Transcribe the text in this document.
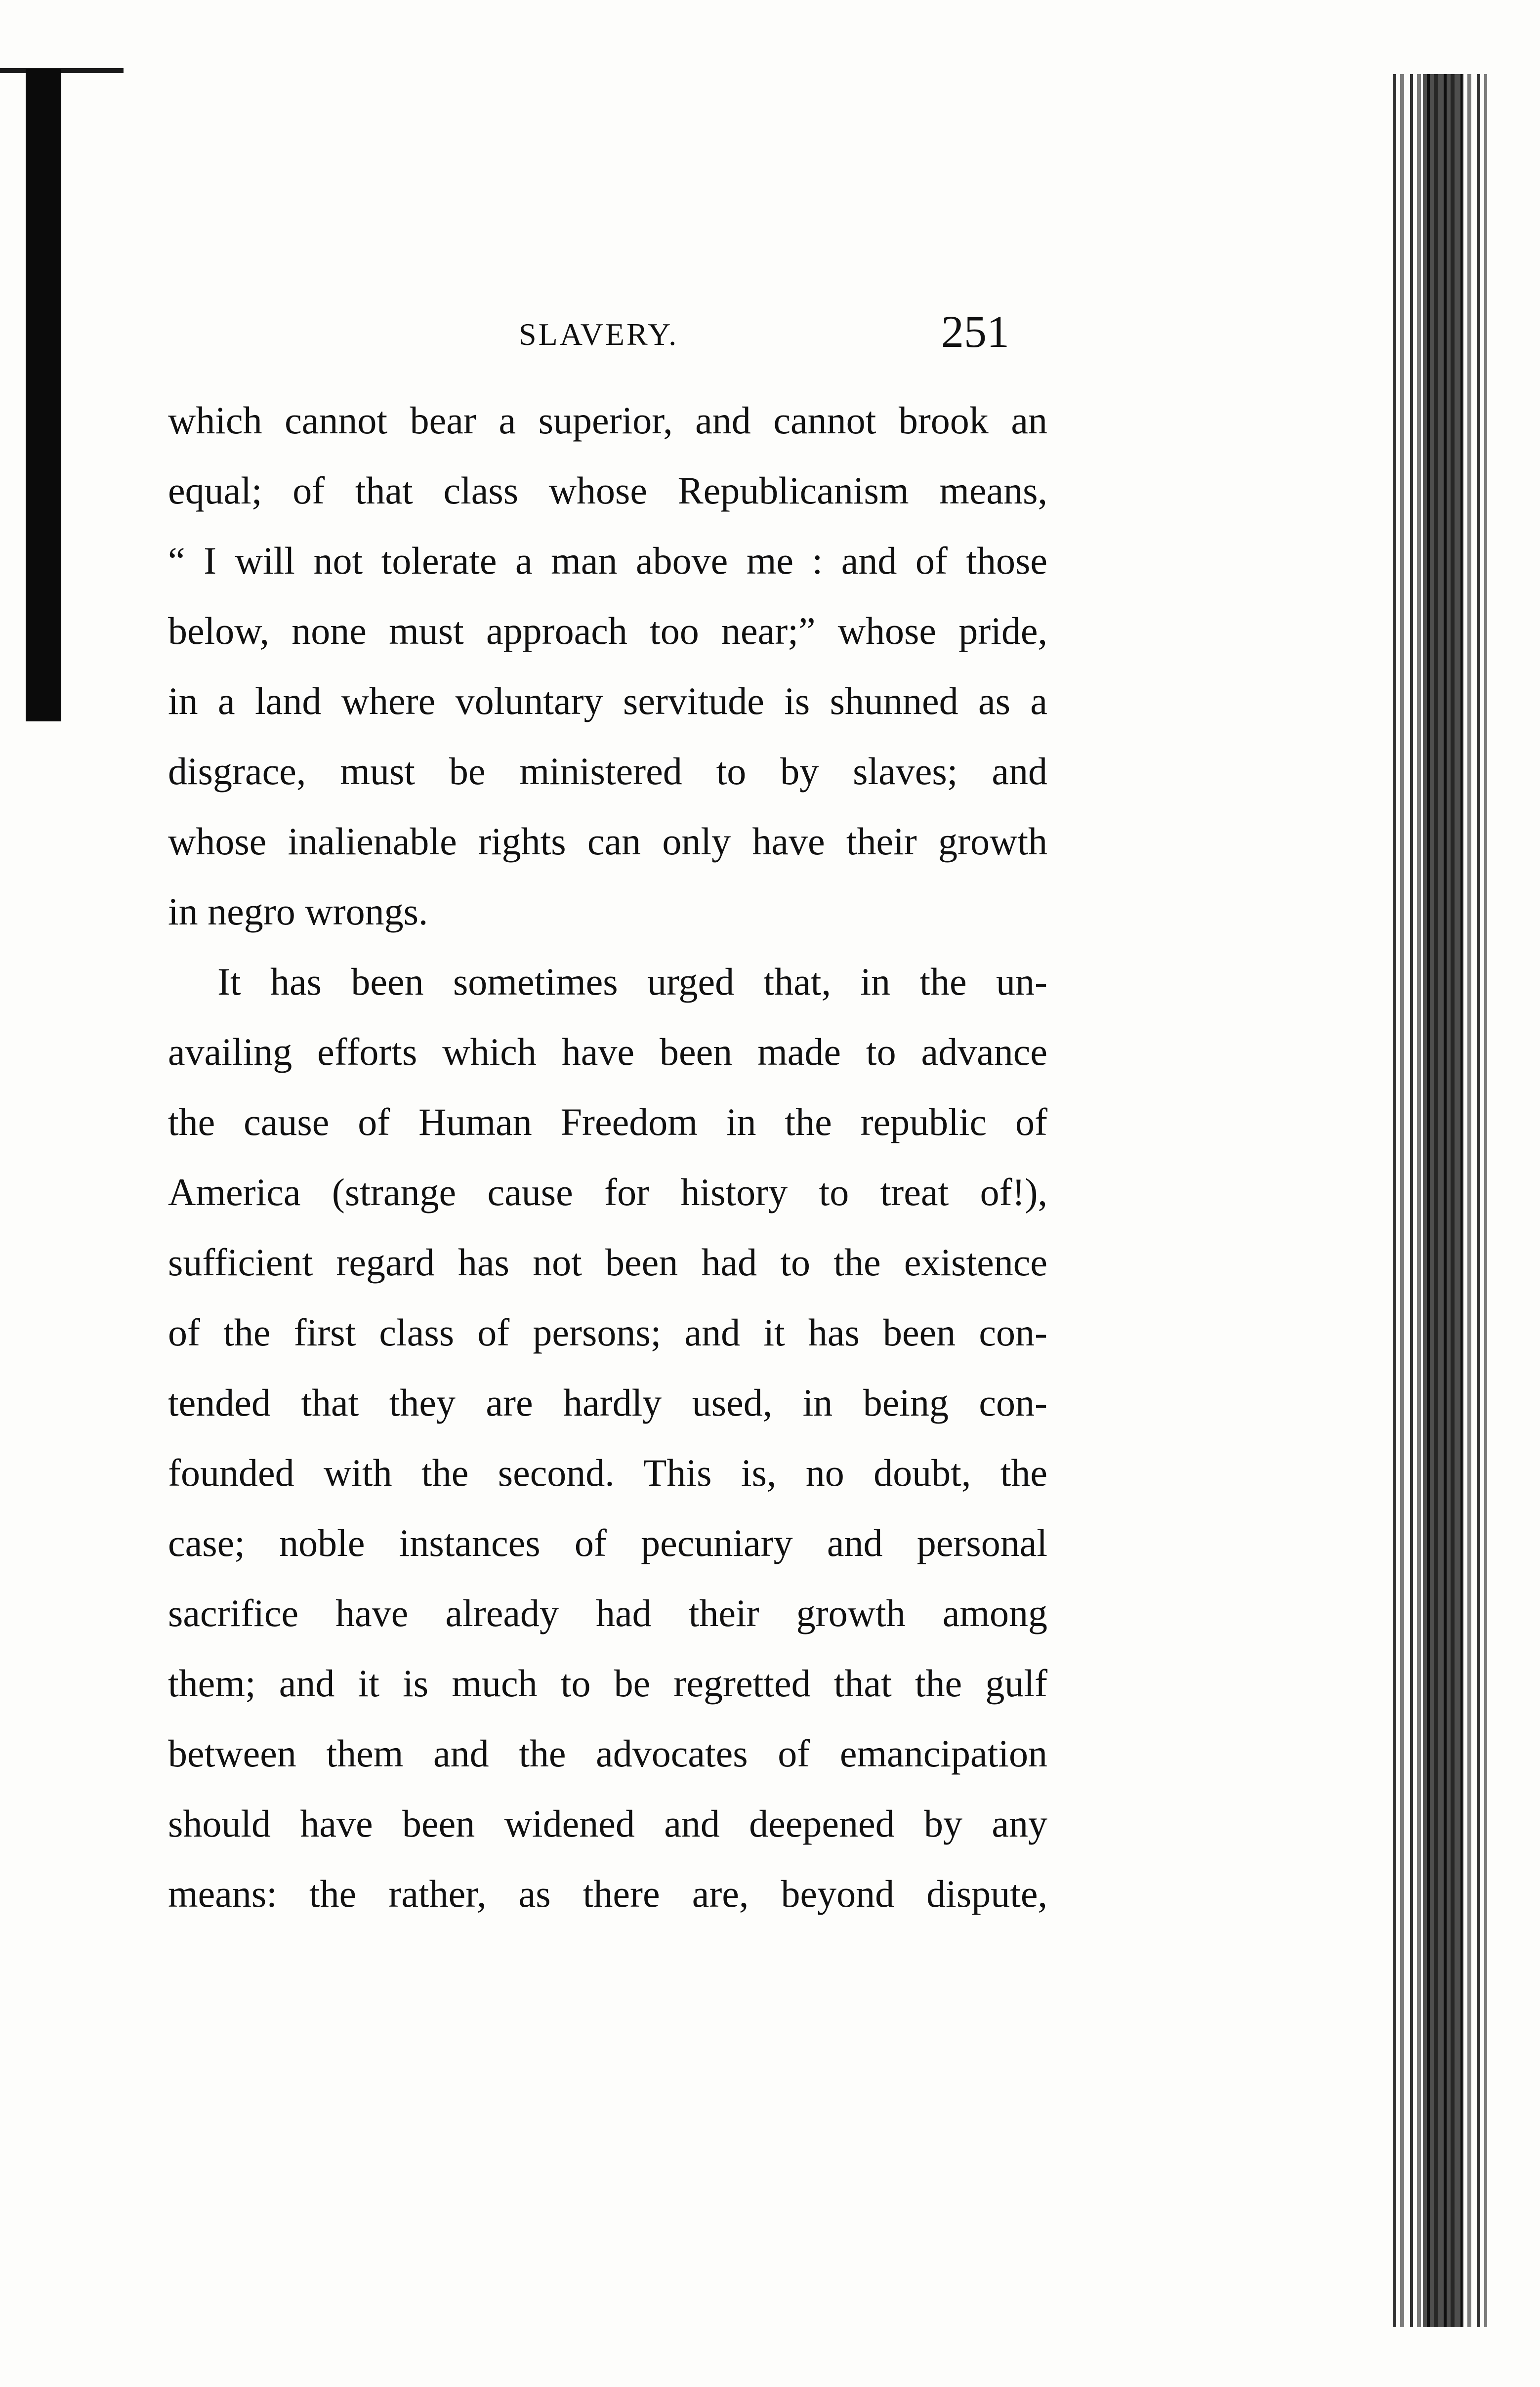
SLAVERY.	251
which cannot bear a superior, and cannot brook an
equal; of that class whose Republicanism means,
“ I will not tolerate a man above me : and of those
below, none must approach too near;” whose pride,
in a land where voluntary servitude is shunned as a
disgrace, must be ministered to by slaves; and
whose inalienable rights can only have their growth
in negro wrongs.
It has been sometimes urged that, in the un-
availing efforts which have been made to advance
the cause of Human Freedom in the republic of
America (strange cause for history to treat of!),
sufficient regard has not been had to the existence
of the first class of persons; and it has been con-
tended that they are hardly used, in being con-
founded with the second. This is, no doubt, the
case; noble instances of pecuniary and personal
sacrifice have already had their growth among
them; and it is much to be regretted that the gulf
between them and the advocates of emancipation
should have been widened and deepened by any
means: the rather, as there are, beyond dispute,
